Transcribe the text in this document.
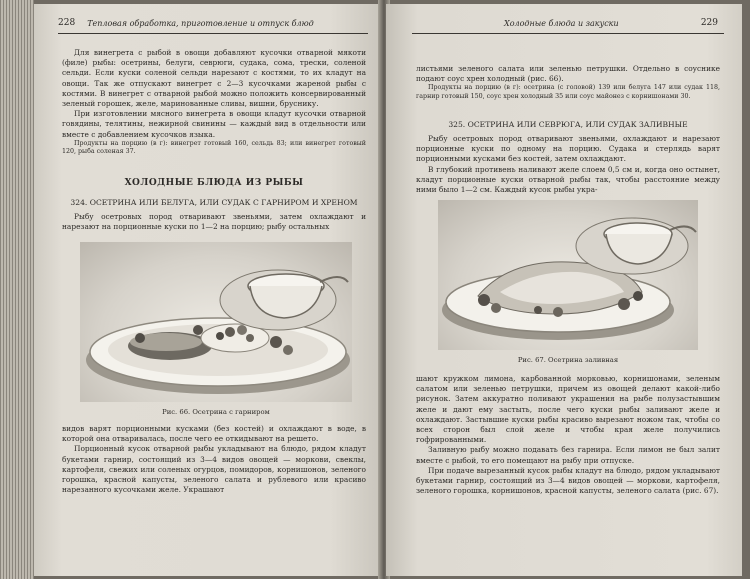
228 Тепловая обработка, приготовление и отпуск блюд

Для винегрета с рыбой в овощи добавляют кусочки отварной мякоти (филе) рыбы: осетрины, белуги, севрюги, судака, сома, трески, соленой сельди. Если куски соленой сельди нарезают с костями, то их кладут на овощи. Так же отпускают винегрет с 2—3 кусочками жареной рыбы с костями. В винегрет с отварной рыбой можно положить консервированный зеленый горошек, желе, маринованные сливы, вишни, бруснику.

При изготовлении мясного винегрета в овощи кладут кусочки отварной говядины, телятины, нежирной свинины — каждый вид в отдельности или вместе с добавлением кусочков языка.

Продукты на порцию (в г): винегрет готовый 160, сельдь 83; или винегрет готовый 120, рыба соленая 37.

ХОЛОДНЫЕ БЛЮДА ИЗ РЫБЫ
324. ОСЕТРИНА ИЛИ БЕЛУГА, ИЛИ СУДАК С ГАРНИРОМ И ХРЕНОМ

Рыбу осетровых пород отваривают звеньями, затем охлаждают и нарезают на порционные куски по 1—2 на порцию; рыбу остальных

Рис. 66. Осетрина с гарниром

видов варят порционными кусками (без костей) и охлаждают в воде, в которой она отваривалась, после чего ее откидывают на решето.

Порционный кусок отварной рыбы укладывают на блюдо, рядом кладут букетами гарнир, состоящий из 3—4 видов овощей — моркови, свеклы, картофеля, свежих или соленых огурцов, помидоров, корнишонов, зеленого горошка, красной капусты, зеленого салата и рублевого или красиво нарезанного кусочками желе. Украшают

Холодные блюда и закуски	229

листьями зеленого салата или зеленью петрушки. Отдельно в соуснике подают соус хрен холодный (рис. 66).

Продукты на порцию (в г): осетрина (с головой) 139 или белуга 147 или судак 118, гарнир готовый 150, соус хрен холодный 35 или соус майонез с корнишонами 30.

325. ОСЕТРИНА ИЛИ СЕВРЮГА, ИЛИ СУДАК ЗАЛИВНЫЕ

Рыбу осетровых пород отваривают звеньями, охлаждают и нарезают порционные куски по одному на порцию. Судака и стерлядь варят порционными кусками без костей, затем охлаждают.

В глубокий противень наливают желе слоем 0,5 см и, когда оно остынет, кладут порционные куски отварной рыбы так, чтобы расстояние между ними было 1—2 см. Каждый кусок рыбы укра-

Рис. 67. Осетрина заливная

шают кружком лимона, карбованной морковью, корнишонами, зеленым салатом или зеленью петрушки, причем из овощей делают какой-либо рисунок. Затем аккуратно поливают украшения на рыбе полузастывшим желе и дают ему застыть, после чего куски рыбы заливают желе и охлаждают. Застывшие куски рыбы красиво вырезают ножом так, чтобы со всех сторон был слой желе и чтобы края желе получились гофрированными.

Заливную рыбу можно подавать без гарнира. Если лимон не был залит вместе с рыбой, то его помещают на рыбу при отпуске.

При подаче вырезанный кусок рыбы кладут на блюдо, рядом укладывают букетами гарнир, состоящий из 3—4 видов овощей — моркови, картофеля, зеленого горошка, корнишонов, красной капусты, зеленого салата (рис. 67).
